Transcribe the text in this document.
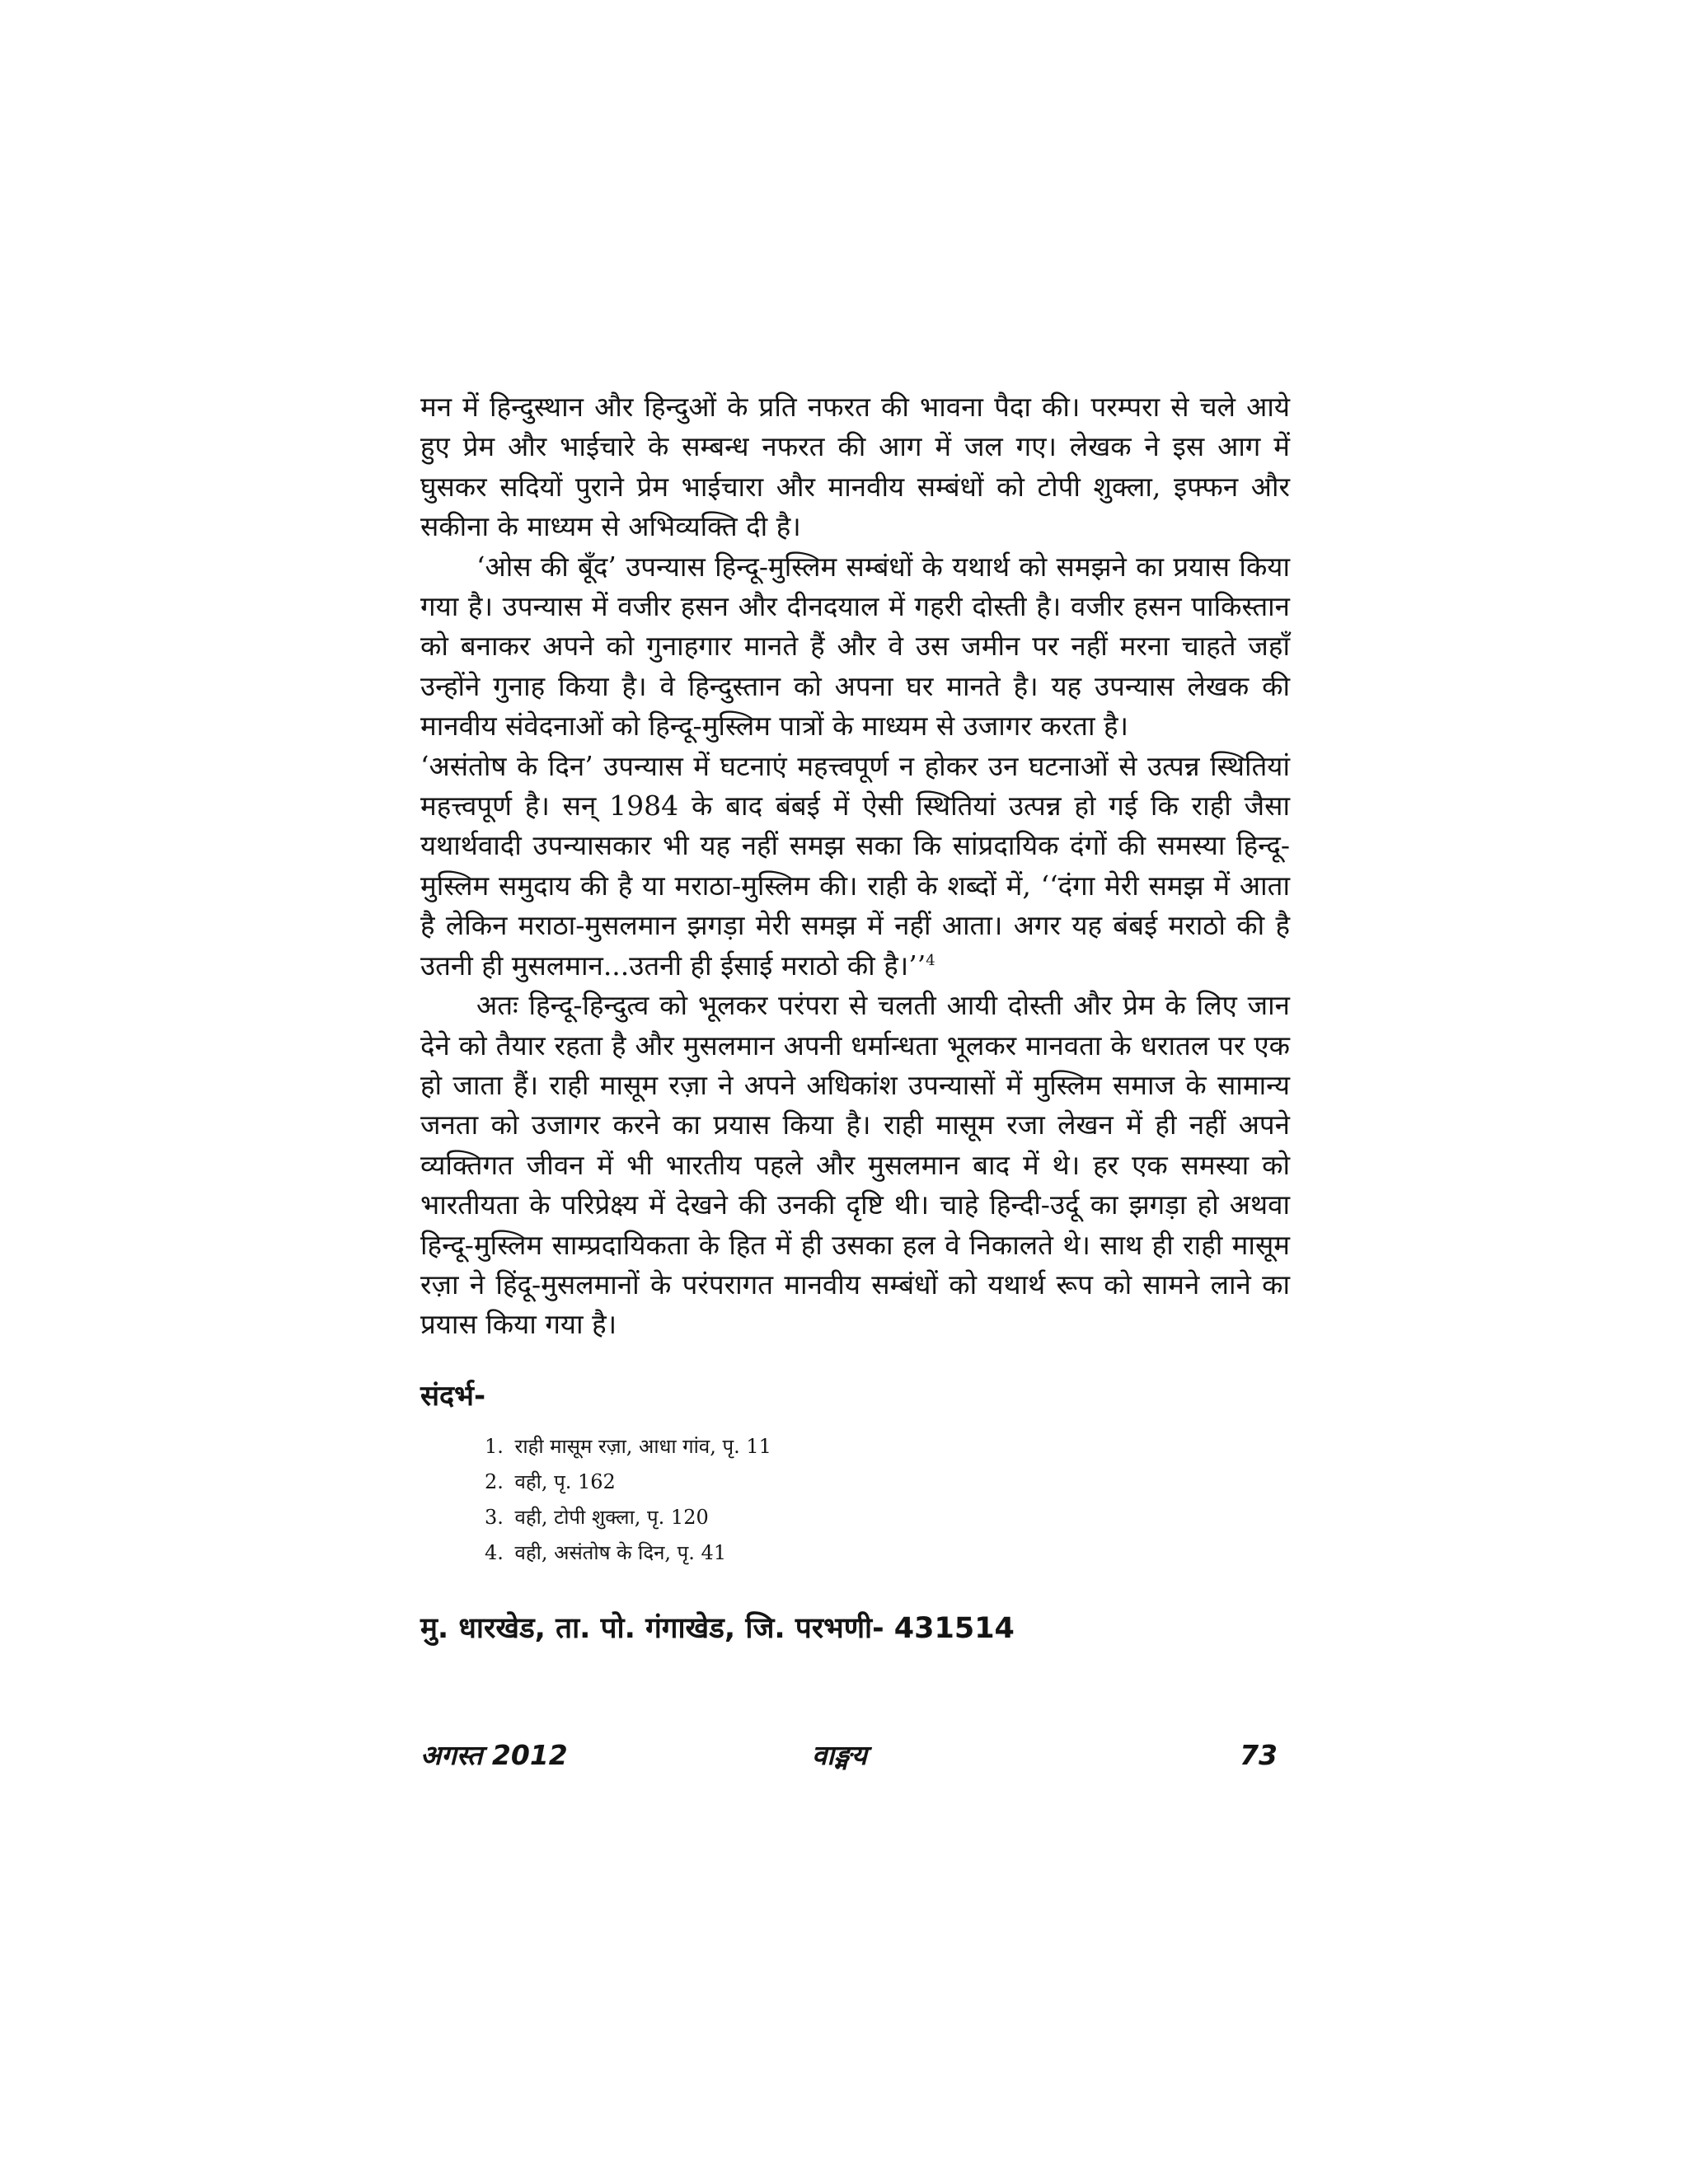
मन में हिन्दुस्थान और हिन्दुओं के प्रति नफरत की भावना पैदा की। परम्परा से चले आये हुए प्रेम और भाईचारे के सम्बन्ध नफरत की आग में जल गए। लेखक ने इस आग में घुसकर सदियों पुराने प्रेम भाईचारा और मानवीय सम्बंधों को टोपी शुक्ला, इफ्फन और सकीना के माध्यम से अभिव्यक्ति दी है।

‘ओस की बूँद’ उपन्यास हिन्दू-मुस्लिम सम्बंधों के यथार्थ को समझने का प्रयास किया गया है। उपन्यास में वजीर हसन और दीनदयाल में गहरी दोस्ती है। वजीर हसन पाकिस्तान को बनाकर अपने को गुनाहगार मानते हैं और वे उस जमीन पर नहीं मरना चाहते जहाँ उन्होंने गुनाह किया है। वे हिन्दुस्तान को अपना घर मानते है। यह उपन्यास लेखक की मानवीय संवेदनाओं को हिन्दू-मुस्लिम पात्रों के माध्यम से उजागर करता है।

‘असंतोष के दिन’ उपन्यास में घटनाएं महत्त्वपूर्ण न होकर उन घटनाओं से उत्पन्न स्थितियां महत्त्वपूर्ण है। सन् 1984 के बाद बंबई में ऐसी स्थितियां उत्पन्न हो गई कि राही जैसा यथार्थवादी उपन्यासकार भी यह नहीं समझ सका कि सांप्रदायिक दंगों की समस्या हिन्दू-मुस्लिम समुदाय की है या मराठा-मुस्लिम की। राही के शब्दों में, ‘‘दंगा मेरी समझ में आता है लेकिन मराठा-मुसलमान झगड़ा मेरी समझ में नहीं आता। अगर यह बंबई मराठो की है उतनी ही मुसलमान...उतनी ही ईसाई मराठो की है।’’$^4$

अतः हिन्दू-हिन्दुत्व को भूलकर परंपरा से चलती आयी दोस्ती और प्रेम के लिए जान देने को तैयार रहता है और मुसलमान अपनी धर्मान्धता भूलकर मानवता के धरातल पर एक हो जाता हैं। राही मासूम रज़ा ने अपने अधिकांश उपन्यासों में मुस्लिम समाज के सामान्य जनता को उजागर करने का प्रयास किया है। राही मासूम रजा लेखन में ही नहीं अपने व्यक्तिगत जीवन में भी भारतीय पहले और मुसलमान बाद में थे। हर एक समस्या को भारतीयता के परिप्रेक्ष्य में देखने की उनकी दृष्टि थी। चाहे हिन्दी-उर्दू का झगड़ा हो अथवा हिन्दू-मुस्लिम साम्प्रदायिकता के हित में ही उसका हल वे निकालते थे। साथ ही राही मासूम रज़ा ने हिंदू-मुसलमानों के परंपरागत मानवीय सम्बंधों को यथार्थ रूप को सामने लाने का प्रयास किया गया है।

संदर्भ-
1. राही मासूम रज़ा, आधा गांव, पृ. 11
2. वही, पृ. 162
3. वही, टोपी शुक्ला, पृ. 120
4. वही, असंतोष के दिन, पृ. 41
मु. धारखेड, ता. पो. गंगाखेड, जि. परभणी- 431514
अगस्त 2012	वाङ्मय	73
